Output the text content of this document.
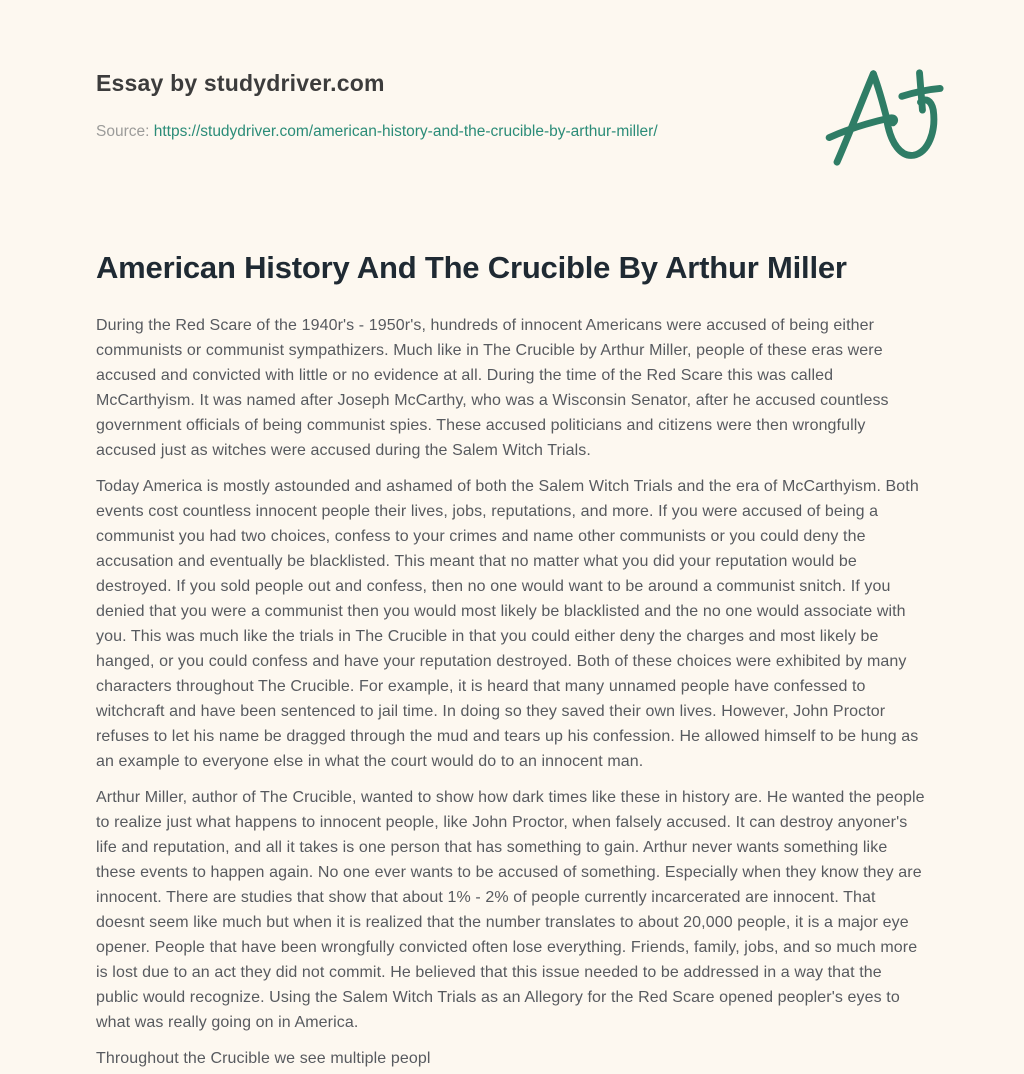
Essay by studydriver.com
Source: https://studydriver.com/american-history-and-the-crucible-by-arthur-miller/
American History And The Crucible By Arthur Miller

During the Red Scare of the 1940r's - 1950r's, hundreds of innocent Americans were accused of being either communists or communist sympathizers. Much like in The Crucible by Arthur Miller, people of these eras were accused and convicted with little or no evidence at all. During the time of the Red Scare this was called McCarthyism. It was named after Joseph McCarthy, who was a Wisconsin Senator, after he accused countless government officials of being communist spies. These accused politicians and citizens were then wrongfully accused just as witches were accused during the Salem Witch Trials.

Today America is mostly astounded and ashamed of both the Salem Witch Trials and the era of McCarthyism. Both events cost countless innocent people their lives, jobs, reputations, and more. If you were accused of being a communist you had two choices, confess to your crimes and name other communists or you could deny the accusation and eventually be blacklisted. This meant that no matter what you did your reputation would be destroyed. If you sold people out and confess, then no one would want to be around a communist snitch. If you denied that you were a communist then you would most likely be blacklisted and the no one would associate with you. This was much like the trials in The Crucible in that you could either deny the charges and most likely be hanged, or you could confess and have your reputation destroyed. Both of these choices were exhibited by many characters throughout The Crucible. For example, it is heard that many unnamed people have confessed to witchcraft and have been sentenced to jail time. In doing so they saved their own lives. However, John Proctor refuses to let his name be dragged through the mud and tears up his confession. He allowed himself to be hung as an example to everyone else in what the court would do to an innocent man.

Arthur Miller, author of The Crucible, wanted to show how dark times like these in history are. He wanted the people to realize just what happens to innocent people, like John Proctor, when falsely accused. It can destroy anyoner's life and reputation, and all it takes is one person that has something to gain. Arthur never wants something like these events to happen again. No one ever wants to be accused of something. Especially when they know they are innocent. There are studies that show that about 1% - 2% of people currently incarcerated are innocent. That doesnt seem like much but when it is realized that the number translates to about 20,000 people, it is a major eye opener. People that have been wrongfully convicted often lose everything. Friends, family, jobs, and so much more is lost due to an act they did not commit. He believed that this issue needed to be addressed in a way that the public would recognize. Using the Salem Witch Trials as an Allegory for the Red Scare opened peopler's eyes to what was really going on in America.

Throughout the Crucible we see multiple peopl
